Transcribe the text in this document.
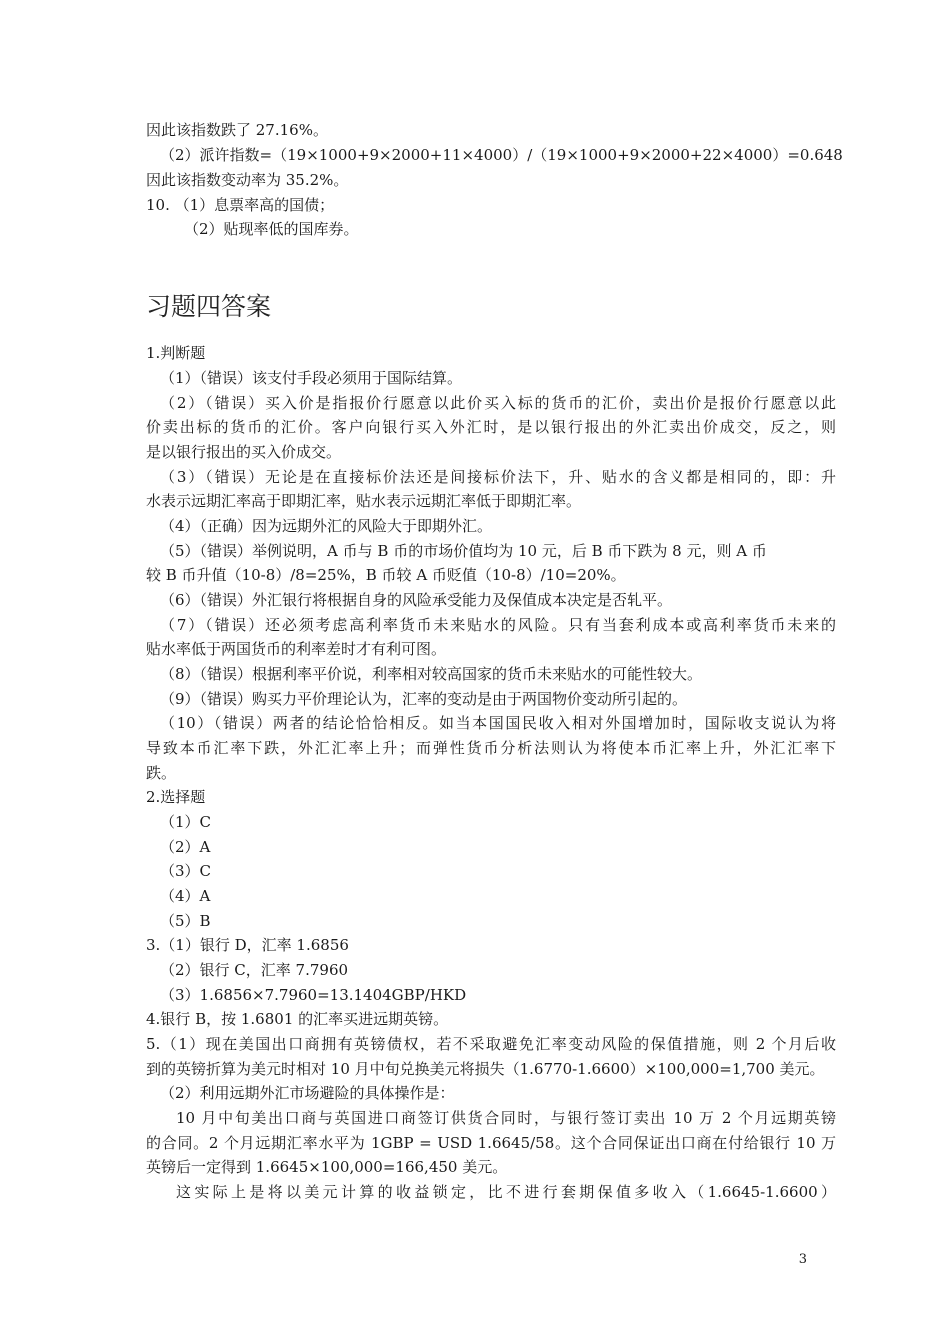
因此该指数跌了 27.16%。
（2）派许指数=（19×1000+9×2000+11×4000）/（19×1000+9×2000+22×4000）=0.648
因此该指数变动率为 35.2%。
10. （1）息票率高的国债；
（2）贴现率低的国库券。
习题四答案
1.判断题
（1）（错误）该支付手段必须用于国际结算。
（2）（错误）买入价是指报价行愿意以此价买入标的货币的汇价，卖出价是报价行愿意以此
价卖出标的货币的汇价。客户向银行买入外汇时，是以银行报出的外汇卖出价成交，反之，则
是以银行报出的买入价成交。
（3）（错误）无论是在直接标价法还是间接标价法下，升、贴水的含义都是相同的，即：升
水表示远期汇率高于即期汇率，贴水表示远期汇率低于即期汇率。
（4）（正确）因为远期外汇的风险大于即期外汇。
（5）（错误）举例说明，A 币与 B 币的市场价值均为 10 元，后 B 币下跌为 8 元，则 A 币
较 B 币升值（10-8）/8=25%，B 币较 A 币贬值（10-8）/10=20%。
（6）（错误）外汇银行将根据自身的风险承受能力及保值成本决定是否轧平。
（7）（错误）还必须考虑高利率货币未来贴水的风险。只有当套利成本或高利率货币未来的
贴水率低于两国货币的利率差时才有利可图。
（8）（错误）根据利率平价说，利率相对较高国家的货币未来贴水的可能性较大。
（9）（错误）购买力平价理论认为，汇率的变动是由于两国物价变动所引起的。
（10）（错误）两者的结论恰恰相反。如当本国国民收入相对外国增加时，国际收支说认为将
导致本币汇率下跌，外汇汇率上升；而弹性货币分析法则认为将使本币汇率上升，外汇汇率下
跌。
2.选择题
（1）C
（2）A
（3）C
（4）A
（5）B
3.（1）银行 D，汇率 1.6856
（2）银行 C，汇率 7.7960
（3）1.6856×7.7960=13.1404GBP/HKD
4.银行 B，按 1.6801 的汇率买进远期英镑。
5.（1）现在美国出口商拥有英镑债权，若不采取避免汇率变动风险的保值措施，则 2 个月后收
到的英镑折算为美元时相对 10 月中旬兑换美元将损失（1.6770-1.6600）×100,000=1,700 美元。
（2）利用远期外汇市场避险的具体操作是：
10 月中旬美出口商与英国进口商签订供货合同时，与银行签订卖出 10 万 2 个月远期英镑
的合同。2 个月远期汇率水平为 1GBP = USD 1.6645/58。这个合同保证出口商在付给银行 10 万
英镑后一定得到 1.6645×100,000=166,450 美元。
这实际上是将以美元计算的收益锁定，比不进行套期保值多收入（1.6645-1.6600）
3
